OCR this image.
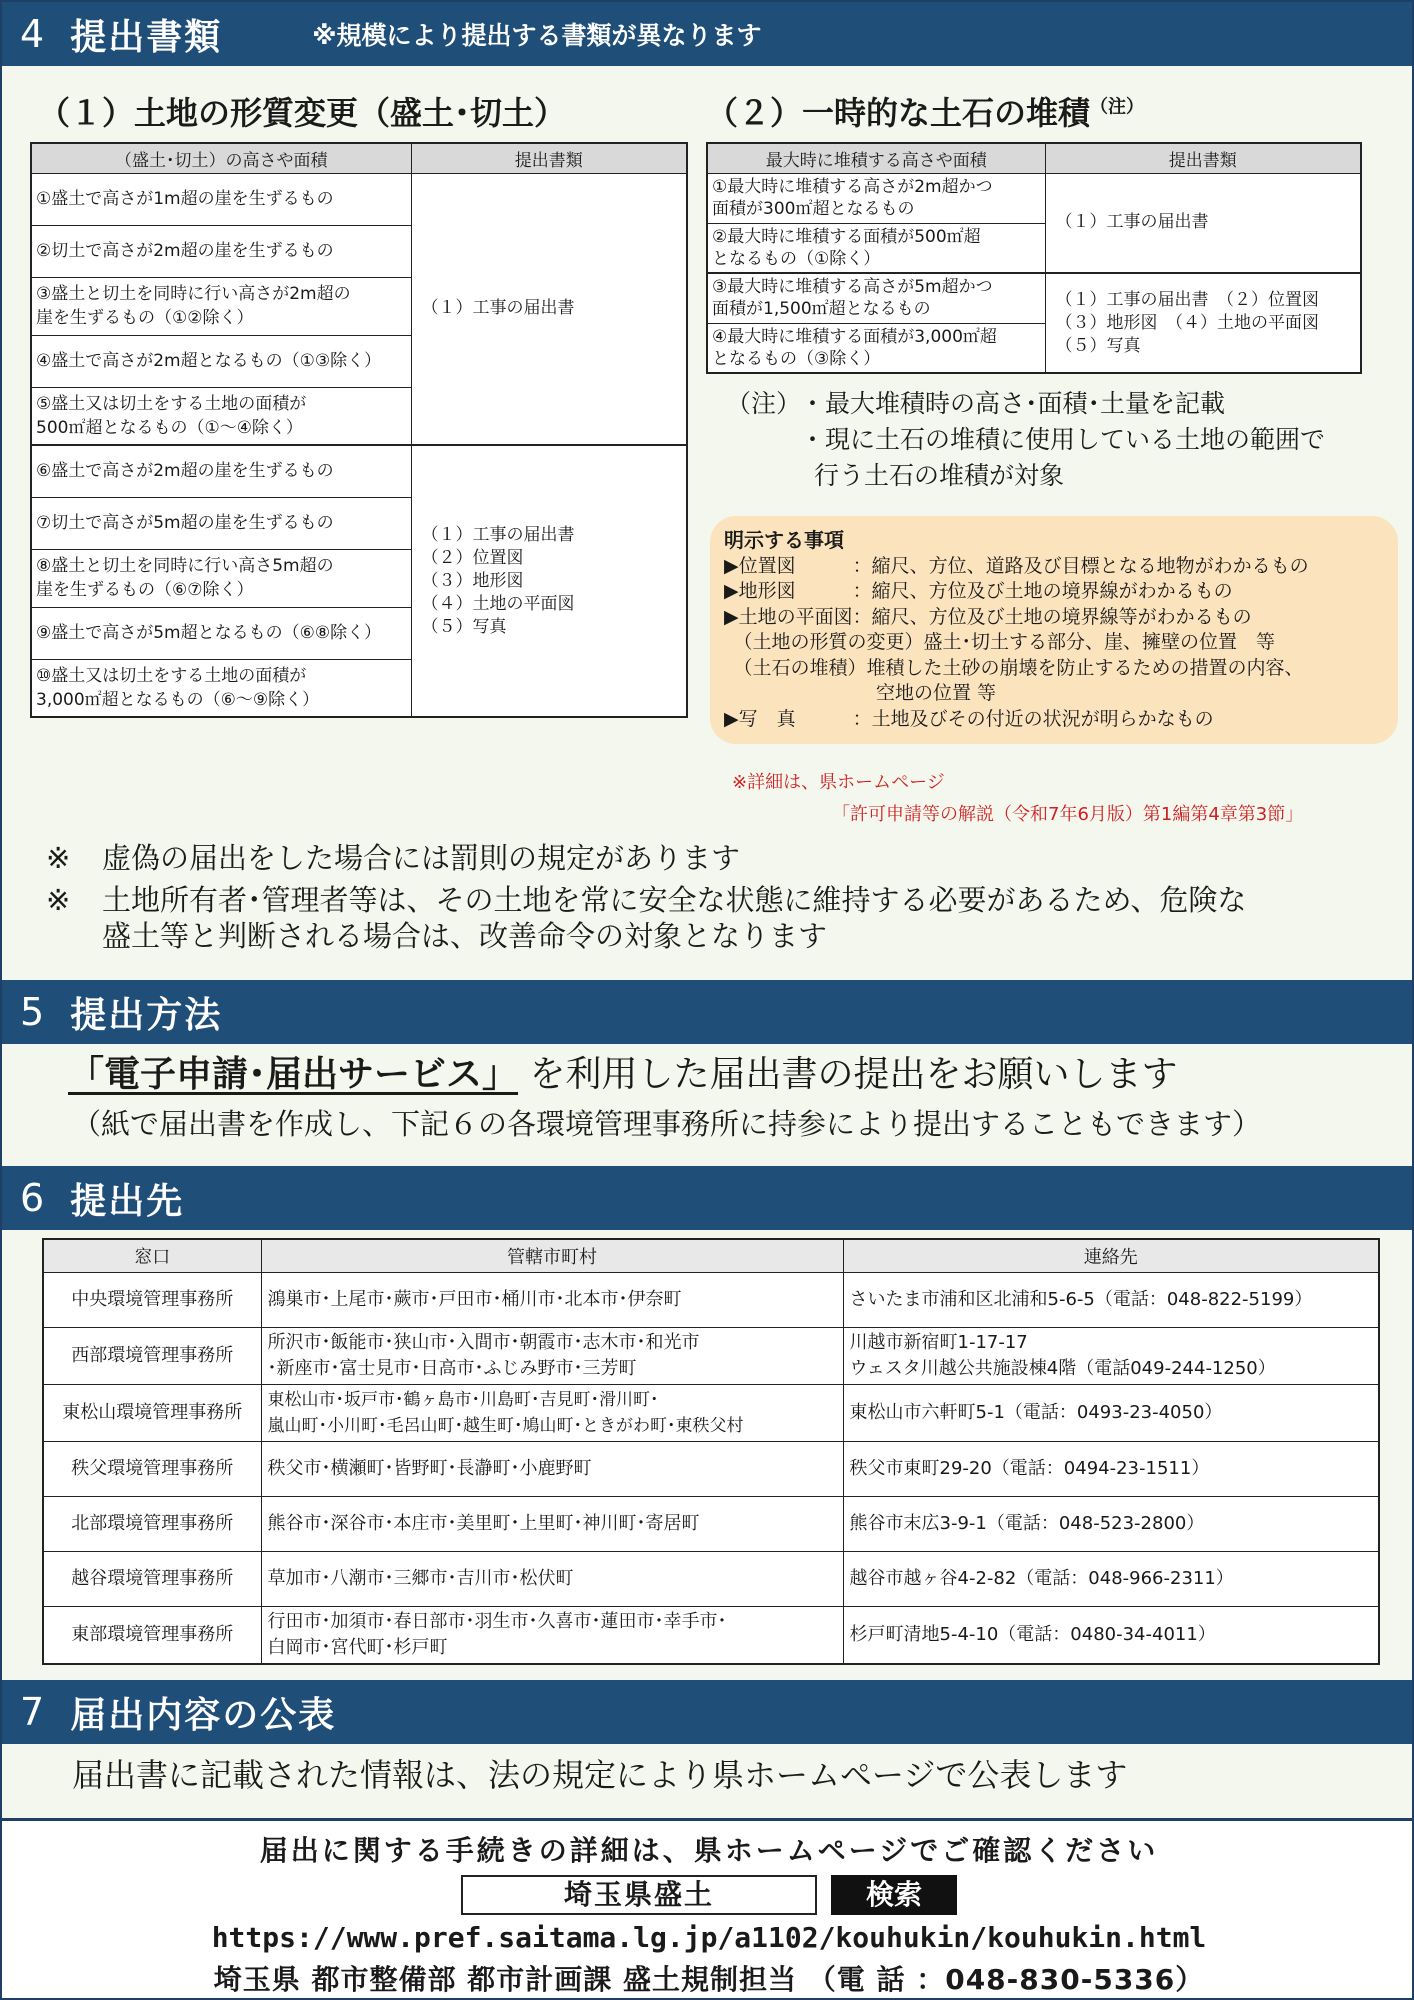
4 提出書類	※規模により提出する書類が異なります
（１）土地の形質変更（盛土･切土）	（２）一時的な土石の堆積$^{(注)}$
（盛土･切土）の高さや面積	提出書類
①盛土で高さが1m超の崖を生ずるもの	（１）工事の届出書
②切土で高さが2m超の崖を生ずるもの	
③盛土と切土を同時に行い高さが2m超の
崖を生ずるもの（①②除く）	
④盛土で高さが2m超となるもの（①③除く）	
⑤盛土又は切土をする土地の面積が
500㎡超となるもの（①～④除く）	
⑥盛土で高さが2m超の崖を生ずるもの	（１）工事の届出書
（２）位置図
（３）地形図
（４）土地の平面図
（５）写真
⑦切土で高さが5m超の崖を生ずるもの	
⑧盛土と切土を同時に行い高さ5m超の
崖を生ずるもの（⑥⑦除く）	
⑨盛土で高さが5m超となるもの（⑥⑧除く）	
⑩盛土又は切土をする土地の面積が
3,000㎡超となるもの（⑥～⑨除く）	
最大時に堆積する高さや面積	提出書類
①最大時に堆積する高さが2m超かつ
面積が300㎡超となるもの	（１）工事の届出書
②最大時に堆積する面積が500㎡超
となるもの（①除く）	
③最大時に堆積する高さが5m超かつ
面積が1,500㎡超となるもの	（１）工事の届出書　（２）位置図
（３）地形図　（４）土地の平面図
（５）写真
④最大時に堆積する面積が3,000㎡超
となるもの（③除く）	
（注）
・最大堆積時の高さ･面積･土量を記載
・現に土石の堆積に使用している土地の範囲で
行う土石の堆積が対象
明示する事項
▶位置図　　　：縮尺、方位、道路及び目標となる地物がわかるもの
▶地形図　　　：縮尺、方位及び土地の境界線がわかるもの
▶土地の平面図：縮尺、方位及び土地の境界線等がわかるもの
　（土地の形質の変更）盛土･切土する部分、崖、擁壁の位置　等
　（土石の堆積）堆積した土砂の崩壊を防止するための措置の内容、
　　　　　　　　空地の位置 等
▶写　真　　　：土地及びその付近の状況が明らかなもの
※詳細は、県ホームページ
「許可申請等の解説（令和7年6月版）第1編第4章第3節」
※ 虚偽の届出をした場合には罰則の規定があります
※ 土地所有者･管理者等は、その土地を常に安全な状態に維持する必要があるため、危険な
盛土等と判断される場合は、改善命令の対象となります
5 提出方法
「電子申請･届出サービス」 を利用した届出書の提出をお願いします
（紙で届出書を作成し、下記６の各環境管理事務所に持参により提出することもできます）
6 提出先
窓口	管轄市町村	連絡先
中央環境管理事務所	鴻巣市･上尾市･蕨市･戸田市･桶川市･北本市･伊奈町	さいたま市浦和区北浦和5-6-5（電話：048-822-5199）
西部環境管理事務所	所沢市･飯能市･狭山市･入間市･朝霞市･志木市･和光市
･新座市･富士見市･日高市･ふじみ野市･三芳町	川越市新宿町1-17-17
ウェスタ川越公共施設棟4階（電話049-244-1250）
東松山環境管理事務所	東松山市･坂戸市･鶴ヶ島市･川島町･吉見町･滑川町･
嵐山町･小川町･毛呂山町･越生町･鳩山町･ときがわ町･東秩父村	東松山市六軒町5-1（電話：0493-23-4050）
秩父環境管理事務所	秩父市･横瀬町･皆野町･長瀞町･小鹿野町	秩父市東町29-20（電話：0494-23-1511）
北部環境管理事務所	熊谷市･深谷市･本庄市･美里町･上里町･神川町･寄居町	熊谷市末広3-9-1（電話：048-523-2800）
越谷環境管理事務所	草加市･八潮市･三郷市･吉川市･松伏町	越谷市越ヶ谷4-2-82（電話：048-966-2311）
東部環境管理事務所	行田市･加須市･春日部市･羽生市･久喜市･蓮田市･幸手市･
白岡市･宮代町･杉戸町	杉戸町清地5-4-10（電話：0480-34-4011）
7 届出内容の公表
届出書に記載された情報は、法の規定により県ホームページで公表します
届出に関する手続きの詳細は、県ホームページでご確認ください
埼玉県盛土	検索
https://www.pref.saitama.lg.jp/a1102/kouhukin/kouhukin.html
埼玉県 都市整備部 都市計画課 盛土規制担当 （電 話 ：048-830-5336）
